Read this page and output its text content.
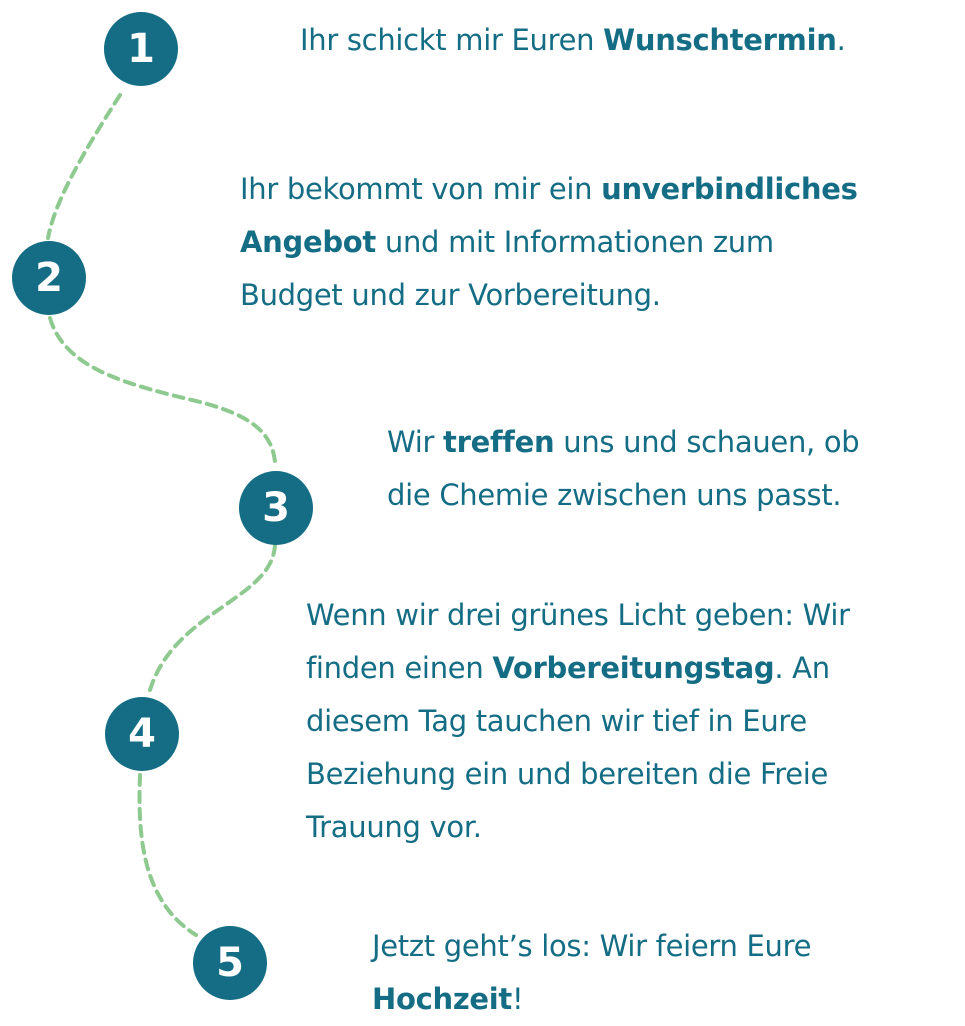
1
2
3
4
5
Ihr schickt mir Euren Wunschtermin.
Ihr bekommt von mir ein unverbindliches
Angebot und mit Informationen zum
Budget und zur Vorbereitung.
Wir treffen uns und schauen, ob
die Chemie zwischen uns passt.
Wenn wir drei grünes Licht geben: Wir
finden einen Vorbereitungstag. An
diesem Tag tauchen wir tief in Eure
Beziehung ein und bereiten die Freie
Trauung vor.
Jetzt geht’s los: Wir feiern Eure
Hochzeit!
